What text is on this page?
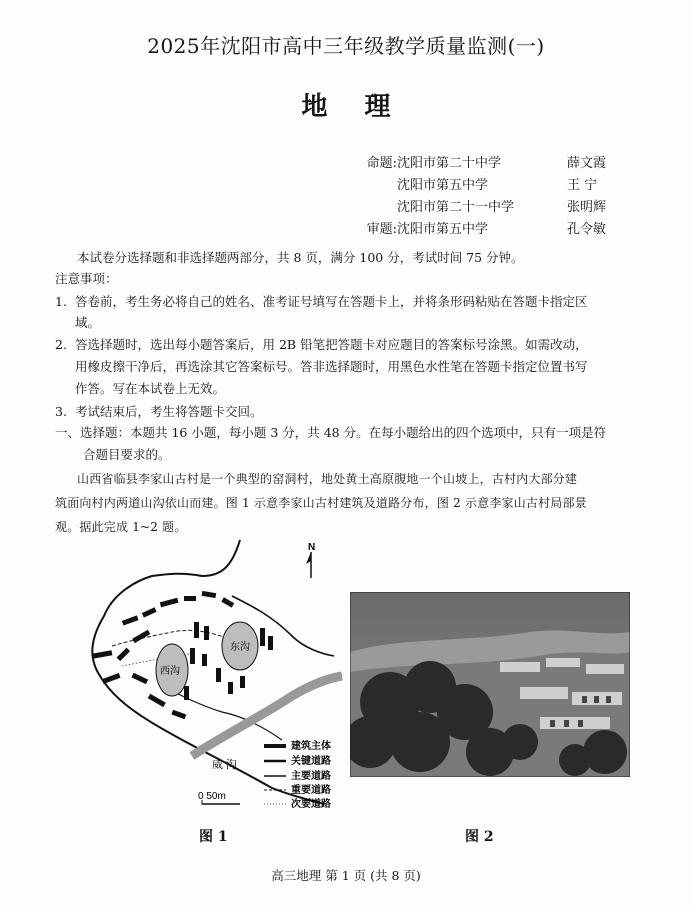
2025年沈阳市高中三年级教学质量监测(一)
地 理
命题:沈阳市第二十中学	薛文霞
沈阳市第五中学	王 宁
沈阳市第二十一中学	张明辉
审题:沈阳市第五中学	孔令敏
本试卷分选择题和非选择题两部分，共 8 页，满分 100 分，考试时间 75 分钟。
注意事项：
1. 答卷前，考生务必将自己的姓名、准考证号填写在答题卡上，并将条形码粘贴在答题卡指定区
域。
2. 答选择题时，选出每小题答案后，用 2B 铅笔把答题卡对应题目的答案标号涂黑。如需改动，
用橡皮擦干净后，再选涂其它答案标号。答非选择题时，用黑色水性笔在答题卡指定位置书写
作答。写在本试卷上无效。
3. 考试结束后，考生将答题卡交回。
一、选择题：本题共 16 小题，每小题 3 分，共 48 分。在每小题给出的四个选项中，只有一项是符
合题目要求的。
山西省临县李家山古村是一个典型的窑洞村，地处黄土高原腹地一个山坡上，古村内大部分建
筑面向村内两道山沟依山而建。图 1 示意李家山古村建筑及道路分布，图 2 示意李家山古村局部景
观。据此完成 1~2 题。
N
西沟
东沟
威 沟
建筑主体
关键道路
主要道路
重要道路
次要道路
0 50m
图 1	图 2
高三地理 第 1 页 (共 8 页)
